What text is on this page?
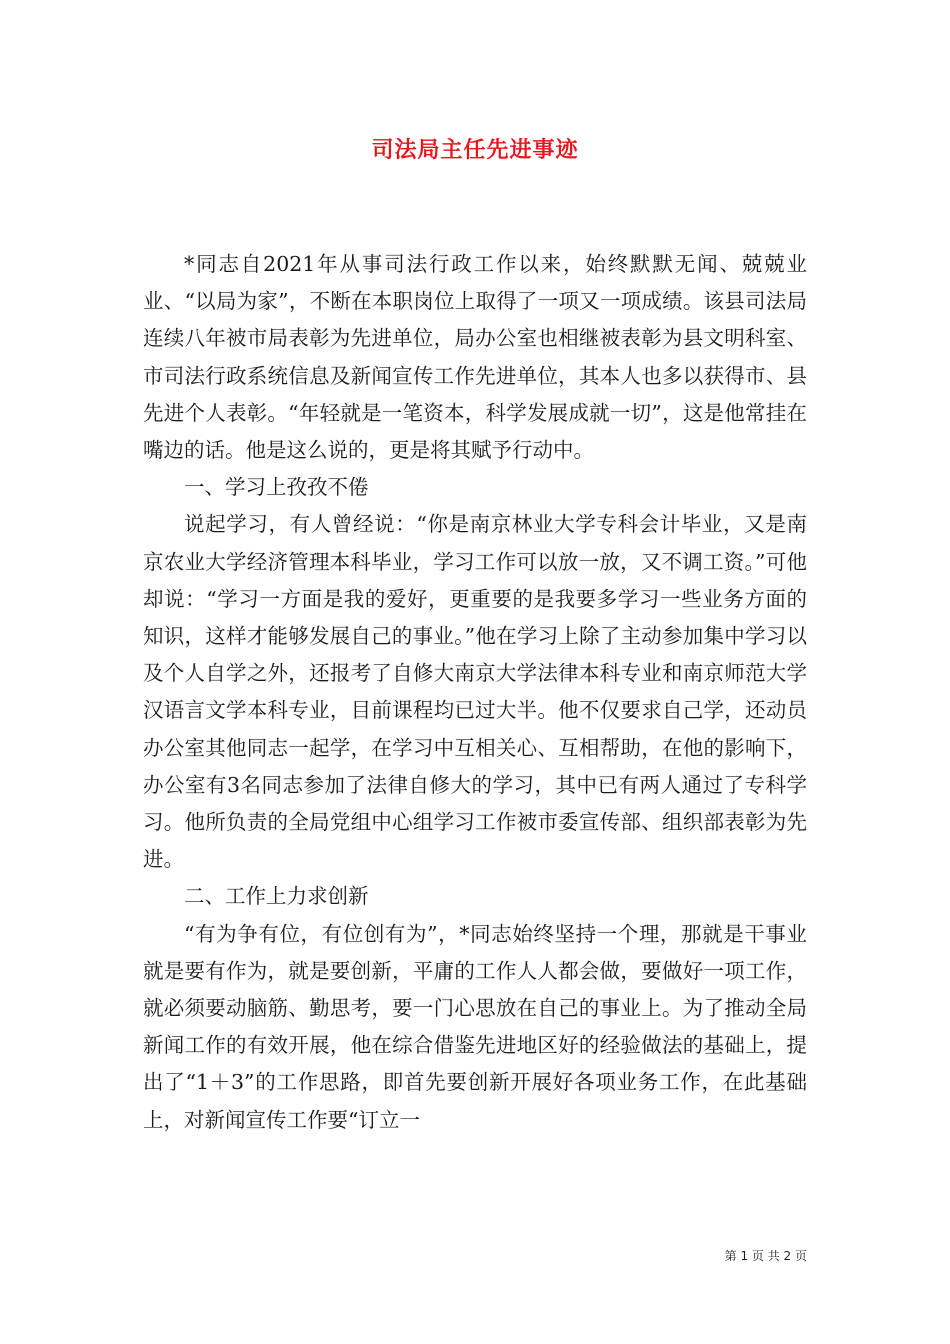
司法局主任先进事迹

*同志自2021年从事司法行政工作以来，始终默默无闻、兢兢业业、“以局为家”，不断在本职岗位上取得了一项又一项成绩。该县司法局连续八年被市局表彰为先进单位，局办公室也相继被表彰为县文明科室、市司法行政系统信息及新闻宣传工作先进单位，其本人也多以获得市、县先进个人表彰。“年轻就是一笔资本，科学发展成就一切”，这是他常挂在嘴边的话。他是这么说的，更是将其赋予行动中。

一、学习上孜孜不倦

说起学习，有人曾经说：“你是南京林业大学专科会计毕业，又是南京农业大学经济管理本科毕业，学习工作可以放一放，又不调工资。”可他却说：“学习一方面是我的爱好，更重要的是我要多学习一些业务方面的知识，这样才能够发展自己的事业。”他在学习上除了主动参加集中学习以及个人自学之外，还报考了自修大南京大学法律本科专业和南京师范大学汉语言文学本科专业，目前课程均已过大半。他不仅要求自己学，还动员办公室其他同志一起学，在学习中互相关心、互相帮助，在他的影响下，办公室有3名同志参加了法律自修大的学习，其中已有两人通过了专科学习。他所负责的全局党组中心组学习工作被市委宣传部、组织部表彰为先进。

二、工作上力求创新

“有为争有位，有位创有为”，*同志始终坚持一个理，那就是干事业就是要有作为，就是要创新，平庸的工作人人都会做，要做好一项工作，就必须要动脑筋、勤思考，要一门心思放在自己的事业上。为了推动全局新闻工作的有效开展，他在综合借鉴先进地区好的经验做法的基础上，提出了“1＋3”的工作思路，即首先要创新开展好各项业务工作，在此基础上，对新闻宣传工作要“订立一

第 1 页 共 2 页
